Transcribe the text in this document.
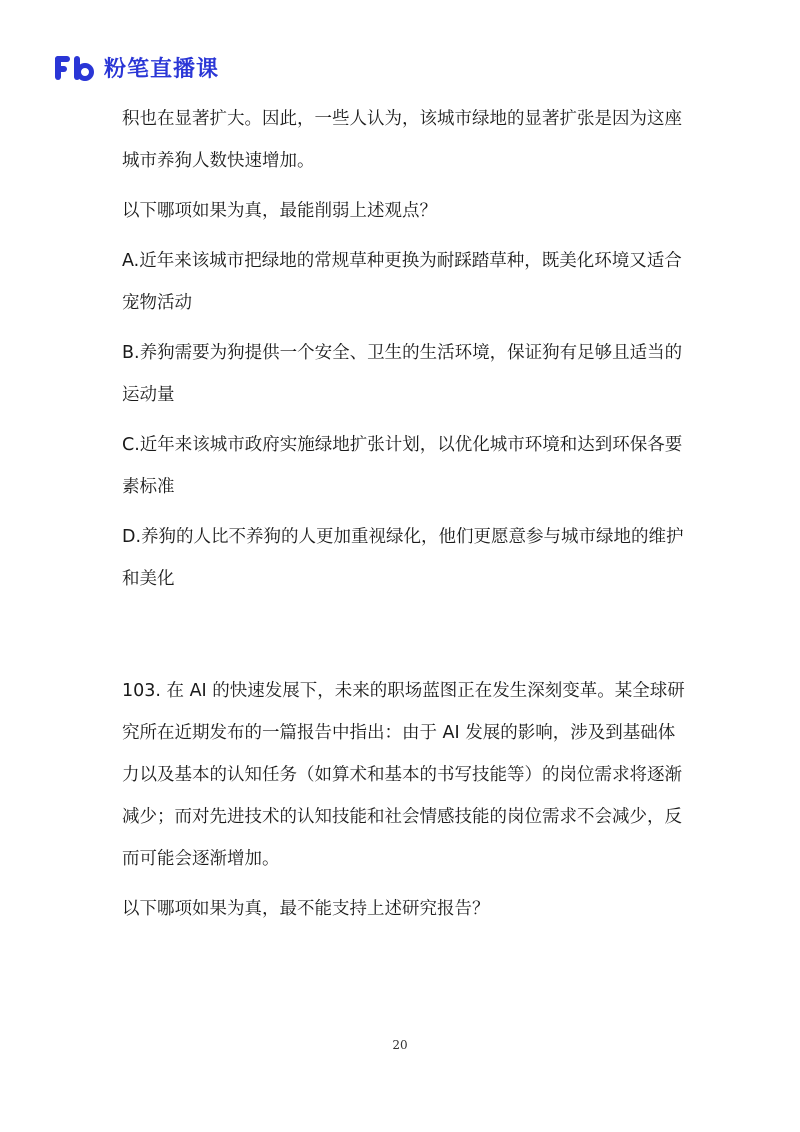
粉笔直播课

积也在显著扩大。因此，一些人认为，该城市绿地的显著扩张是因为这座城市养狗人数快速增加。

以下哪项如果为真，最能削弱上述观点？

A.近年来该城市把绿地的常规草种更换为耐踩踏草种，既美化环境又适合宠物活动

B.养狗需要为狗提供一个安全、卫生的生活环境，保证狗有足够且适当的运动量

C.近年来该城市政府实施绿地扩张计划，以优化城市环境和达到环保各要素标准

D.养狗的人比不养狗的人更加重视绿化，他们更愿意参与城市绿地的维护和美化

103. 在 AI 的快速发展下，未来的职场蓝图正在发生深刻变革。某全球研究所在近期发布的一篇报告中指出：由于 AI 发展的影响，涉及到基础体力以及基本的认知任务（如算术和基本的书写技能等）的岗位需求将逐渐减少；而对先进技术的认知技能和社会情感技能的岗位需求不会减少，反而可能会逐渐增加。

以下哪项如果为真，最不能支持上述研究报告？

20
